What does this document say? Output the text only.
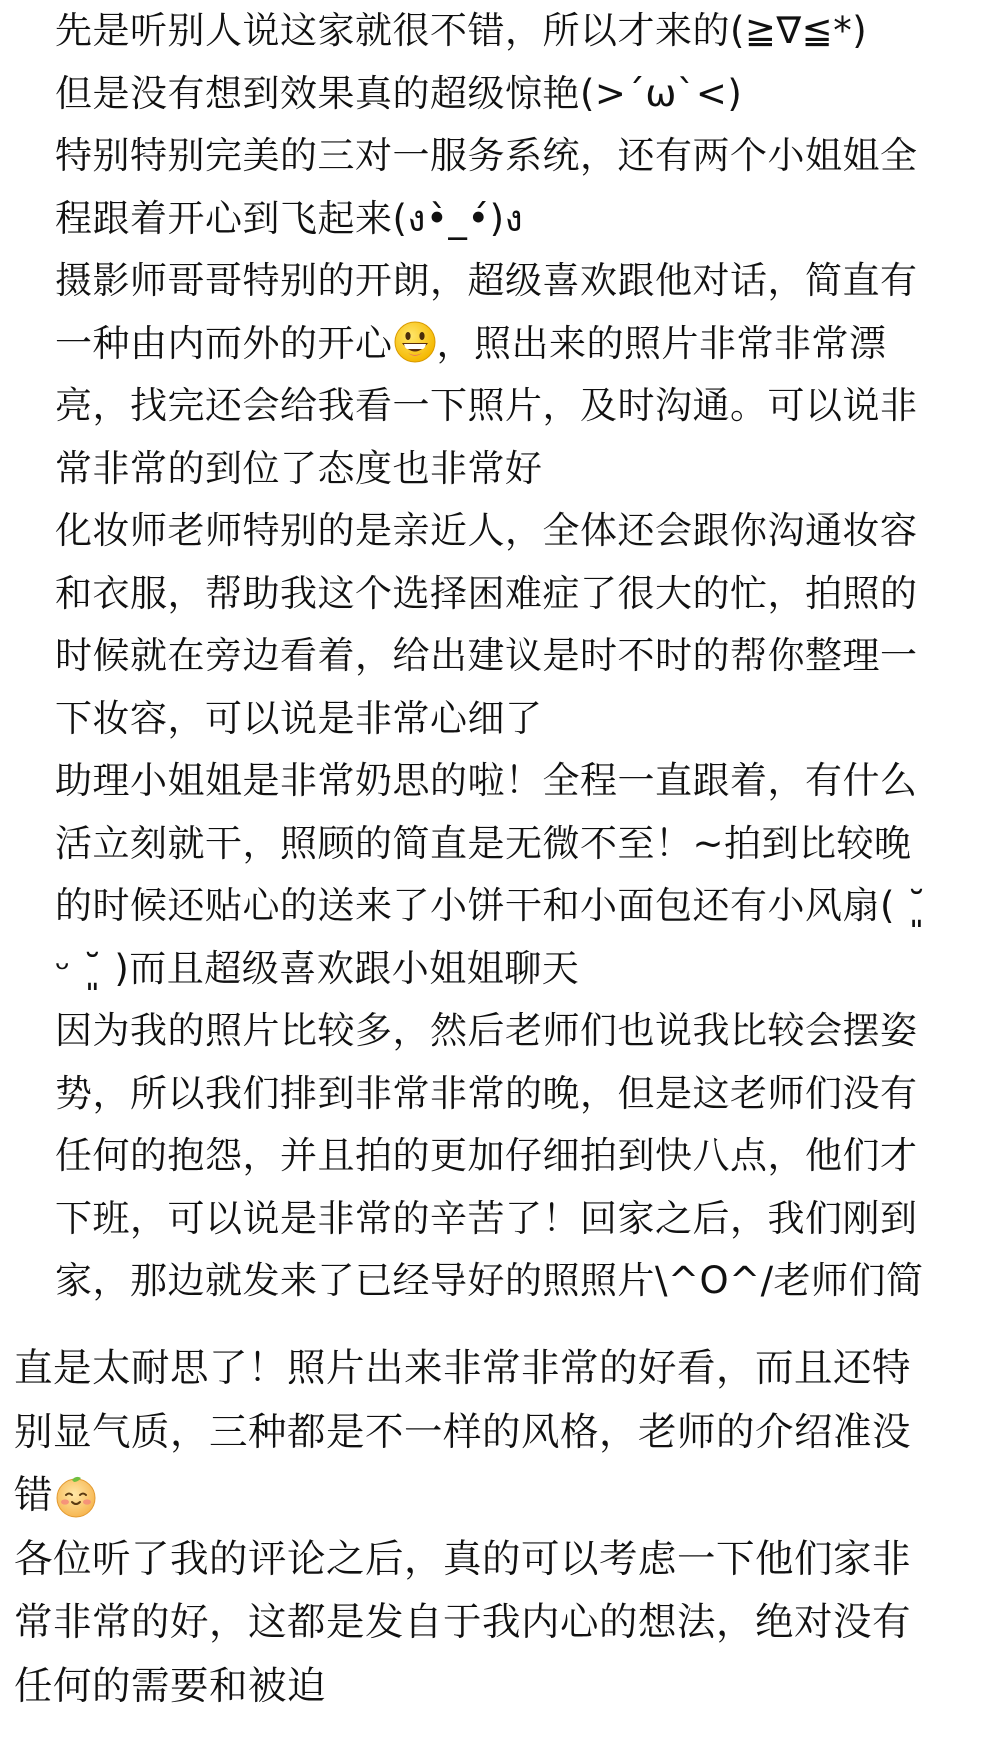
先是听别人说这家就很不错，所以才来的(≧∇≦*)
但是没有想到效果真的超级惊艳(>´ω`<)
特别特别完美的三对一服务系统，还有两个小姐姐全
程跟着开心到飞起来(ง•̀_•́)ง
摄影师哥哥特别的开朗，超级喜欢跟他对话，简直有
一种由内而外的开心 ，照出来的照片非常非常漂
亮，找完还会给我看一下照片，及时沟通。可以说非
常非常的到位了态度也非常好
化妆师老师特别的是亲近人，全体还会跟你沟通妆容
和衣服，帮助我这个选择困难症了很大的忙，拍照的
时候就在旁边看着，给出建议是时不时的帮你整理一
下妆容，可以说是非常心细了
助理小姐姐是非常奶思的啦！全程一直跟着，有什么
活立刻就干，照顾的简直是无微不至！~拍到比较晚
的时候还贴心的送来了小饼干和小面包还有小风扇( ˘͈
ᵕ ˘͈ )而且超级喜欢跟小姐姐聊天
因为我的照片比较多，然后老师们也说我比较会摆姿
势，所以我们排到非常非常的晚，但是这老师们没有
任何的抱怨，并且拍的更加仔细拍到快八点，他们才
下班，可以说是非常的辛苦了！回家之后，我们刚到
家，那边就发来了已经导好的照照片\^O^/老师们简
直是太耐思了！照片出来非常非常的好看，而且还特
别显气质，三种都是不一样的风格，老师的介绍准没
错
各位听了我的评论之后，真的可以考虑一下他们家非
常非常的好，这都是发自于我内心的想法，绝对没有
任何的需要和被迫
